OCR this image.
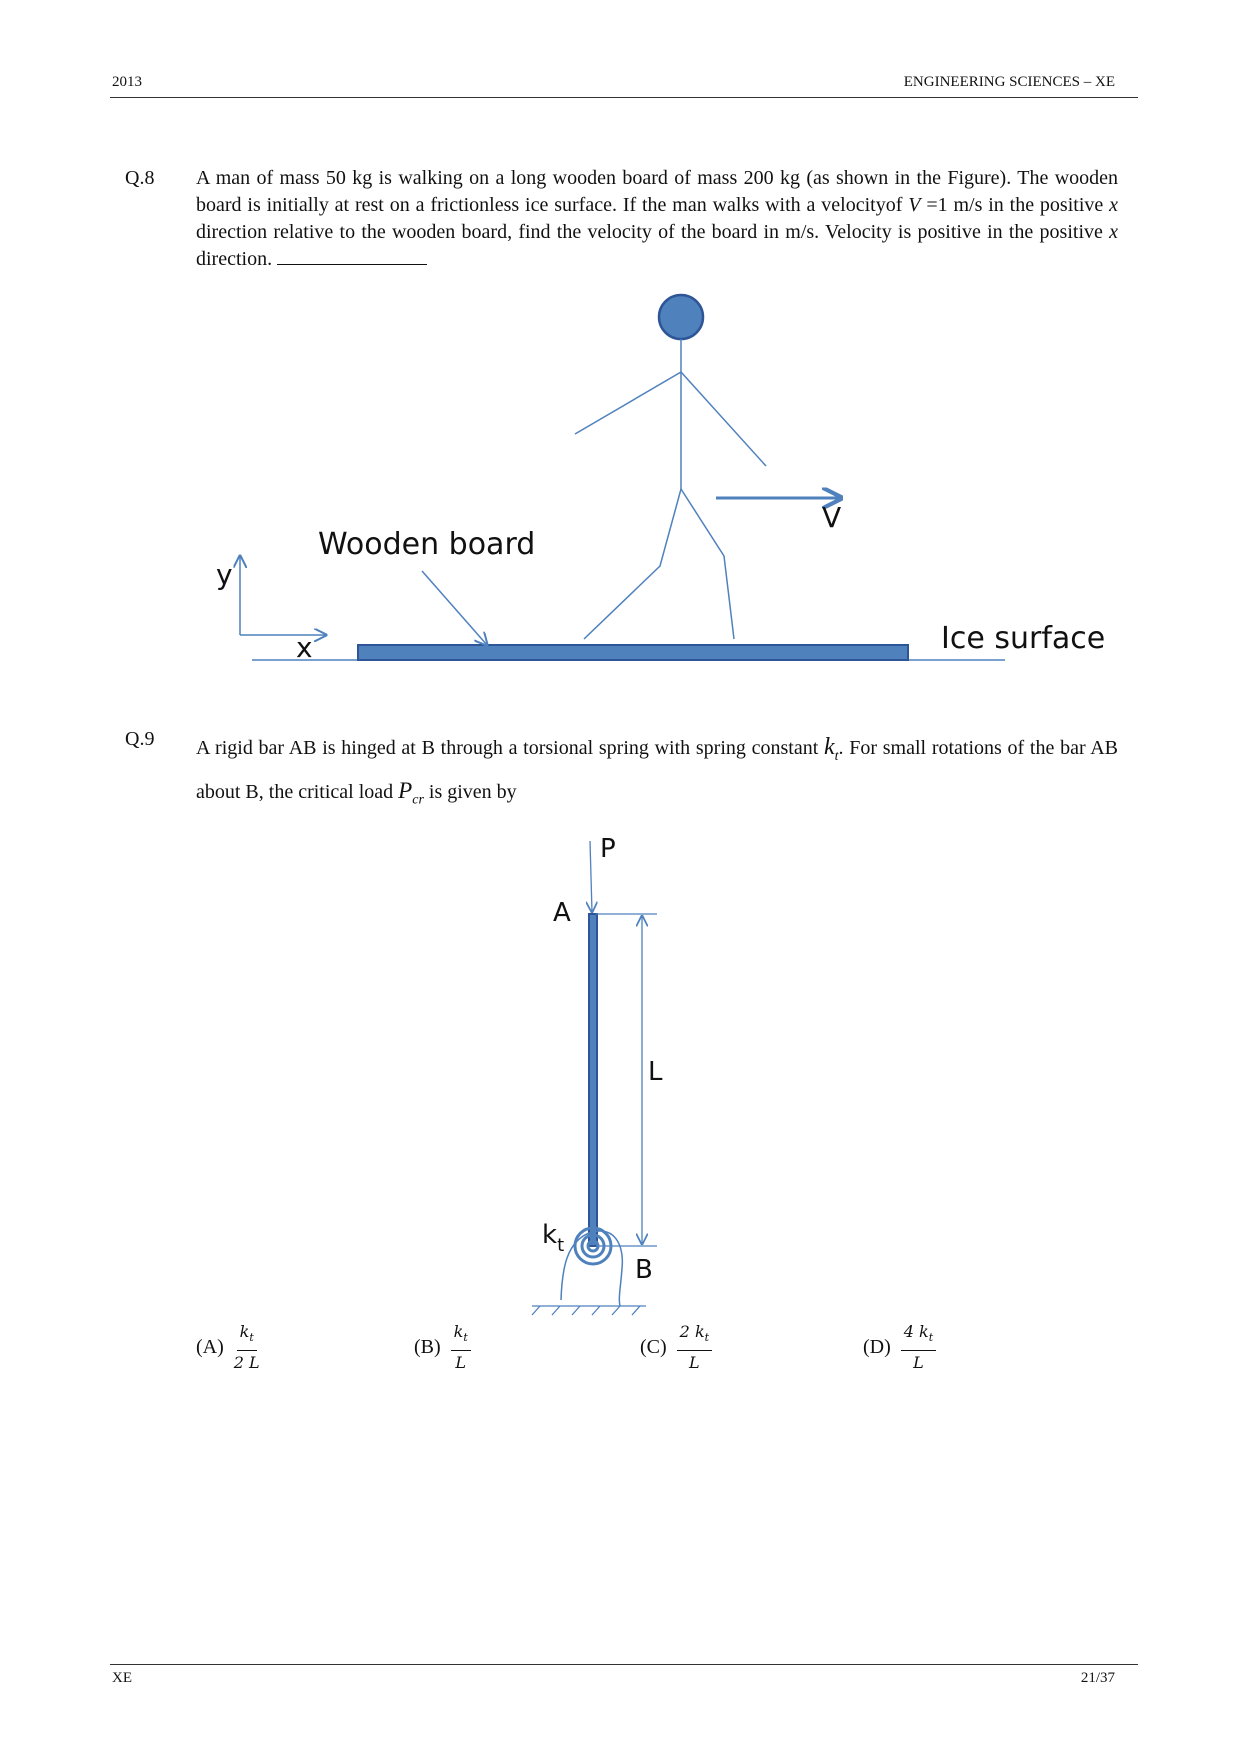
2013	ENGINEERING SCIENCES – XE
Q.8 A man of mass 50 kg is walking on a long wooden board of mass 200 kg (as shown in the Figure). The wooden board is initially at rest on a frictionless ice surface. If the man walks with a velocityof V =1 m/s in the positive x direction relative to the wooden board, find the velocity of the board in m/s. Velocity is positive in the positive x direction.
Q.9 A rigid bar AB is hinged at B through a torsional spring with spring constant $k_t$. For small rotations of the bar AB about B, the critical load $P_{cr}$ is given by
y
x
Wooden board
Ice surface
V
P
A
L
$k_t$
B
$(A) \frac{k_t}{2 L}$	$(B) \frac{k_t}{L}$	$(C) \frac{2 k_t}{L}$	$(D) \frac{4 k_t}{L}$
XE	21/37
